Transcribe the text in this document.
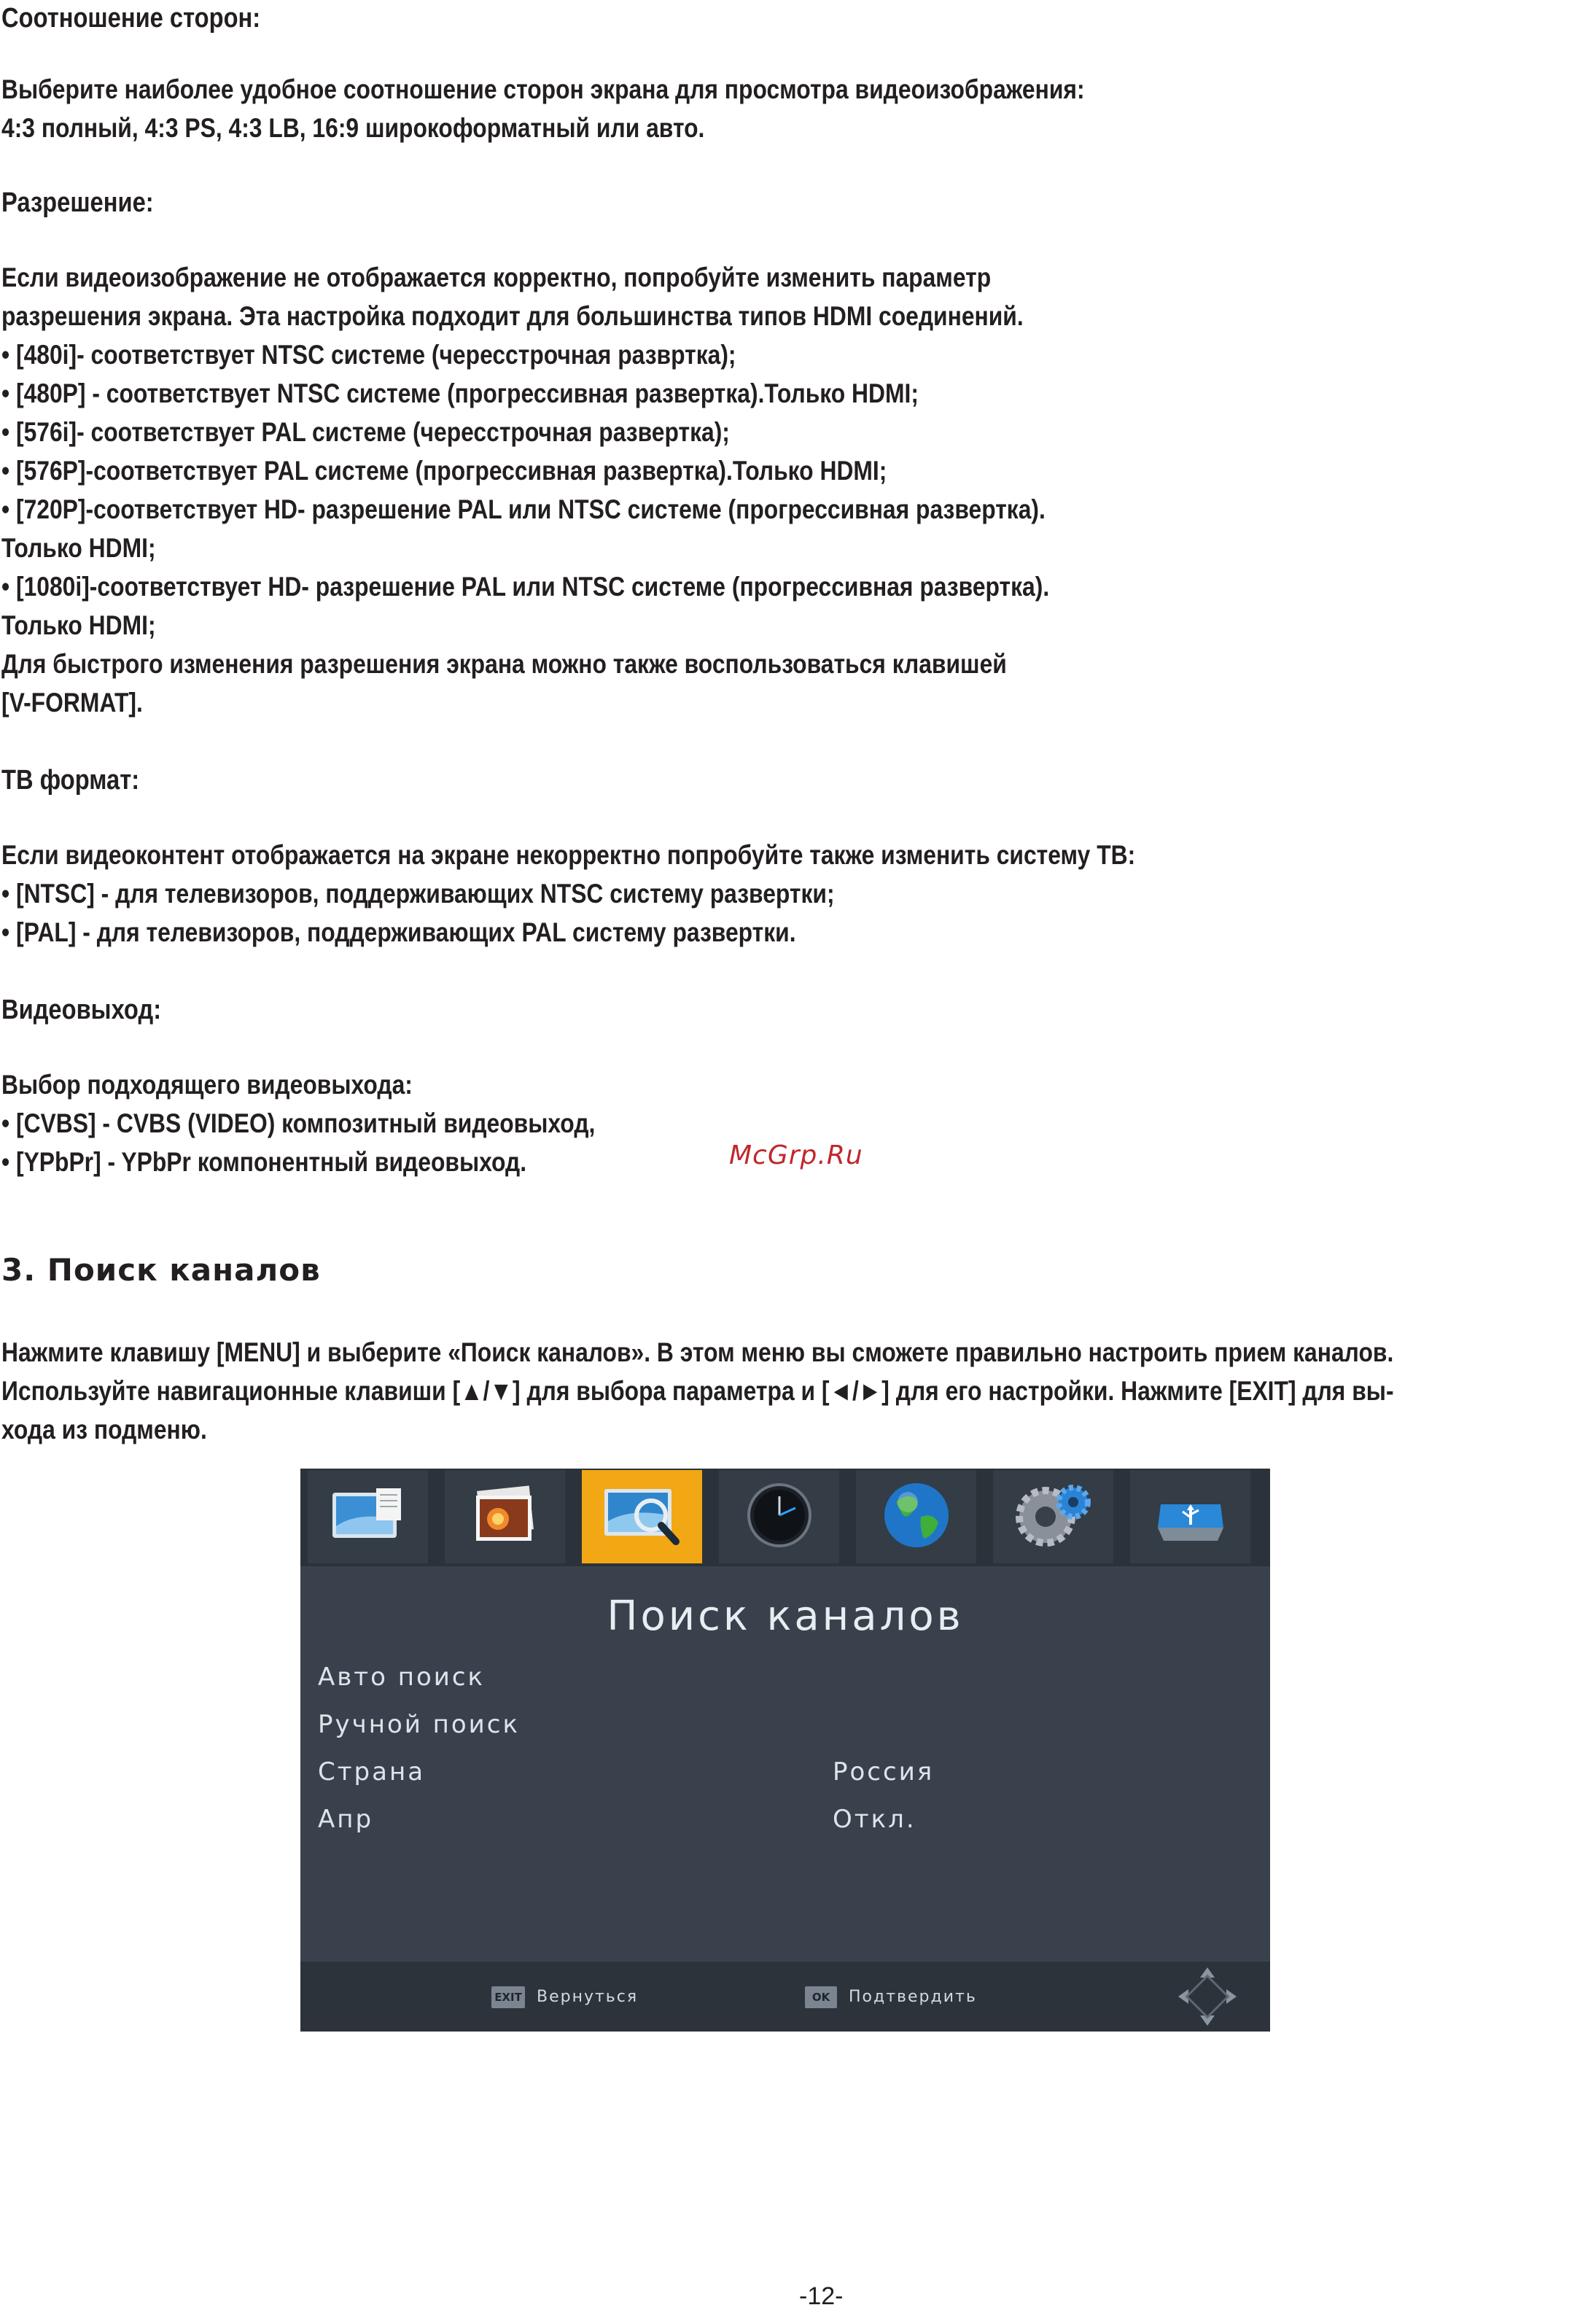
Соотношение сторон:
Выберите наиболее удобное соотношение сторон экрана для просмотра видеоизображения:
4:3 полный, 4:3 PS, 4:3 LB, 16:9 широкоформатный или авто.
Разрешение:
Если видеоизображение не отображается корректно, попробуйте изменить параметр
разрешения экрана. Эта настройка подходит для большинства типов HDMI соединений.
• [480i]- соответствует NTSC системе (чересстрочная развртка);
• [480P] - соответствует NTSC системе (прогрессивная развертка).Только HDMI;
• [576i]- соответствует PAL системе (чересстрочная развертка);
• [576P]-соответствует PAL системе (прогрессивная развертка).Только HDMI;
• [720P]-соответствует HD- разрешение PAL или NTSC системе (прогрессивная развертка).
Только HDMI;
• [1080i]-соответствует HD- разрешение PAL или NTSC системе (прогрессивная развертка).
Только HDMI;
Для быстрого изменения разрешения экрана можно также воспользоваться клавишей
[V-FORMAT].
ТВ формат:
Если видеоконтент отображается на экране некорректно попробуйте также изменить систему ТВ:
• [NTSC] - для телевизоров, поддерживающих NTSC систему развертки;
• [PAL] - для телевизоров, поддерживающих PAL систему развертки.
Видеовыход:
Выбор подходящего видеовыхода:
• [CVBS] - CVBS (VIDEO) композитный видеовыход,
• [YPbPr] - YPbPr компонентный видеовыход.	McGrp.Ru
3. Поиск каналов
Нажмите клавишу [MENU] и выберите «Поиск каналов». В этом меню вы сможете правильно настроить прием каналов.
Используйте навигационные клавиши [▲/▼] для выбора параметра и [◄/►] для его настройки. Нажмите [EXIT] для вы-
хода из подменю.
Поиск каналов
Авто поиск
Ручной поиск
Страна	Россия
Апр	Откл.
EXIT Вернуться	OK	Подтвердить
-12-
